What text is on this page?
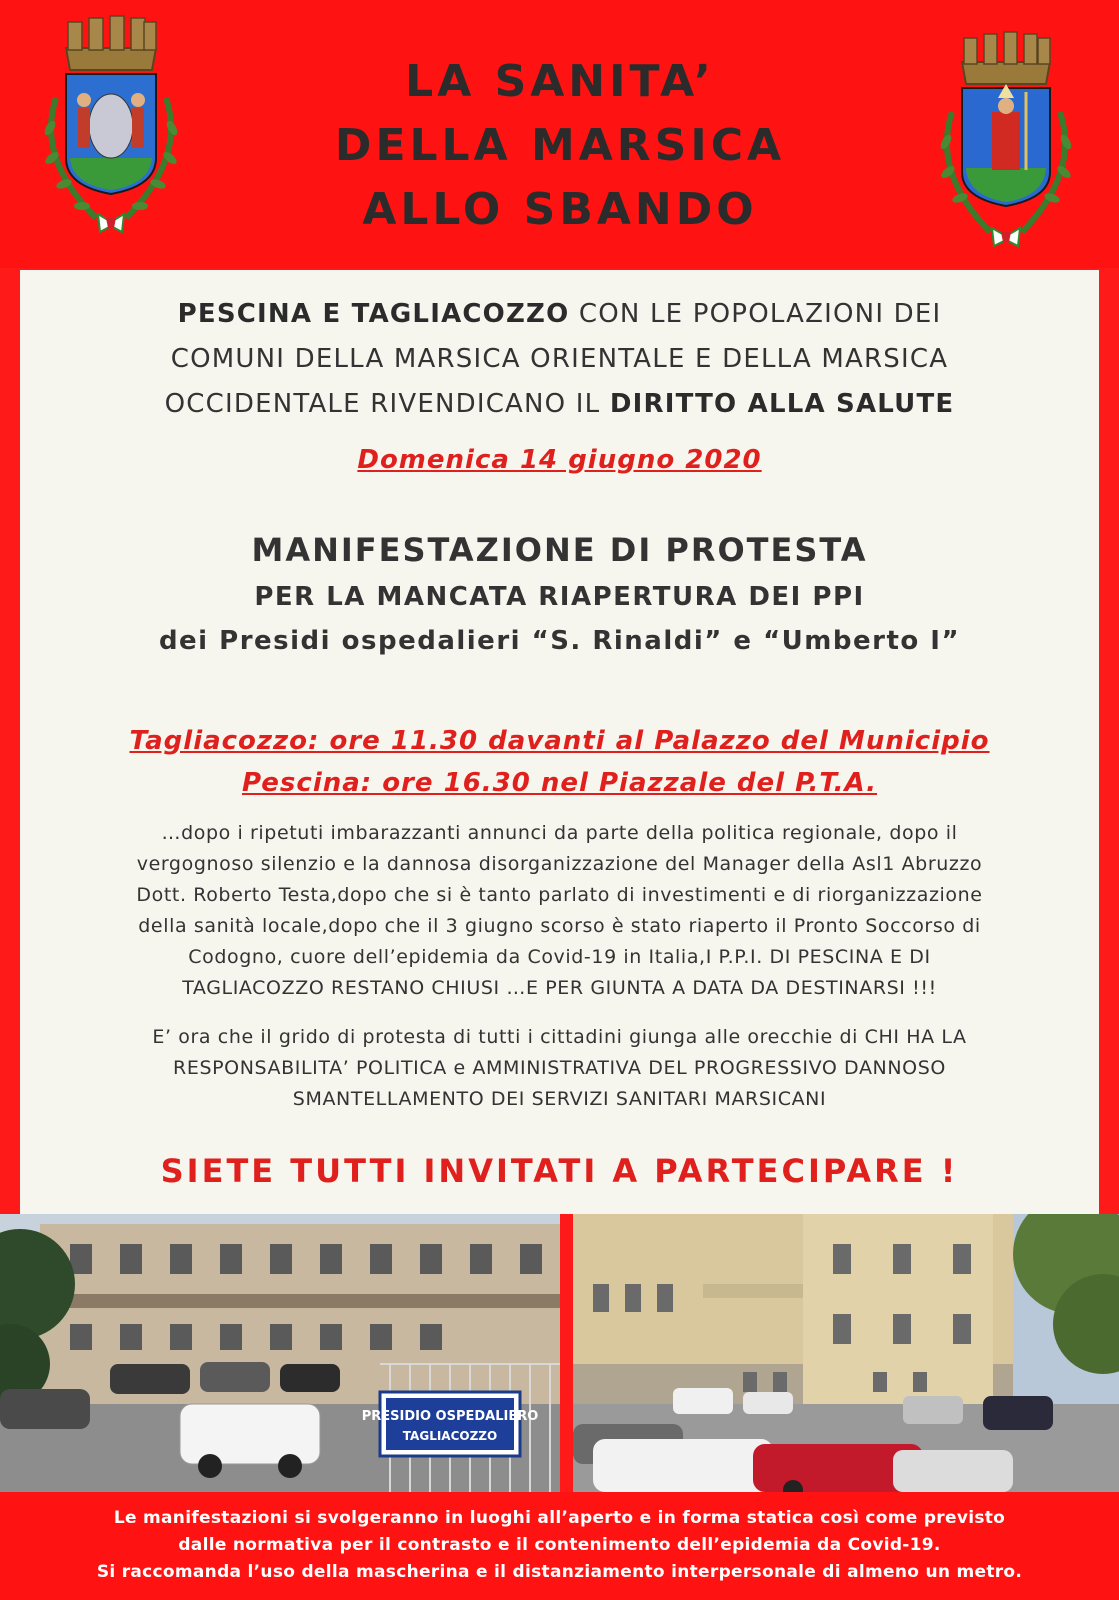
LA SANITA’
DELLA MARSICA
ALLO SBANDO
PESCINA E TAGLIACOZZO CON LE POPOLAZIONI DEI
COMUNI DELLA MARSICA ORIENTALE E DELLA MARSICA
OCCIDENTALE RIVENDICANO IL DIRITTO ALLA SALUTE
Domenica 14 giugno 2020
MANIFESTAZIONE DI PROTESTA
PER LA MANCATA RIAPERTURA DEI PPI
dei Presidi ospedalieri “S. Rinaldi” e “Umberto I”
Tagliacozzo: ore 11.30 davanti al Palazzo del Municipio
Pescina: ore 16.30 nel Piazzale del P.T.A.
…dopo i ripetuti imbarazzanti annunci da parte della politica regionale, dopo il
vergognoso silenzio e la dannosa disorganizzazione del Manager della Asl1 Abruzzo
Dott. Roberto Testa,dopo che si è tanto parlato di investimenti e di riorganizzazione
della sanità locale,dopo che il 3 giugno scorso è stato riaperto il Pronto Soccorso di
Codogno, cuore dell’epidemia da Covid-19 in Italia,I P.P.I. DI PESCINA E DI
TAGLIACOZZO RESTANO CHIUSI …E PER GIUNTA A DATA DA DESTINARSI !!!
E’ ora che il grido di protesta di tutti i cittadini giunga alle orecchie di CHI HA LA
RESPONSABILITA’ POLITICA e AMMINISTRATIVA DEL PROGRESSIVO DANNOSO
SMANTELLAMENTO DEI SERVIZI SANITARI MARSICANI
SIETE TUTTI INVITATI A PARTECIPARE !
PRESIDIO OSPEDALIERO
TAGLIACOZZO
Le manifestazioni si svolgeranno in luoghi all’aperto e in forma statica così come previsto
dalle normativa per il contrasto e il contenimento dell’epidemia da Covid-19.
Si raccomanda l’uso della mascherina e il distanziamento interpersonale di almeno un metro.
